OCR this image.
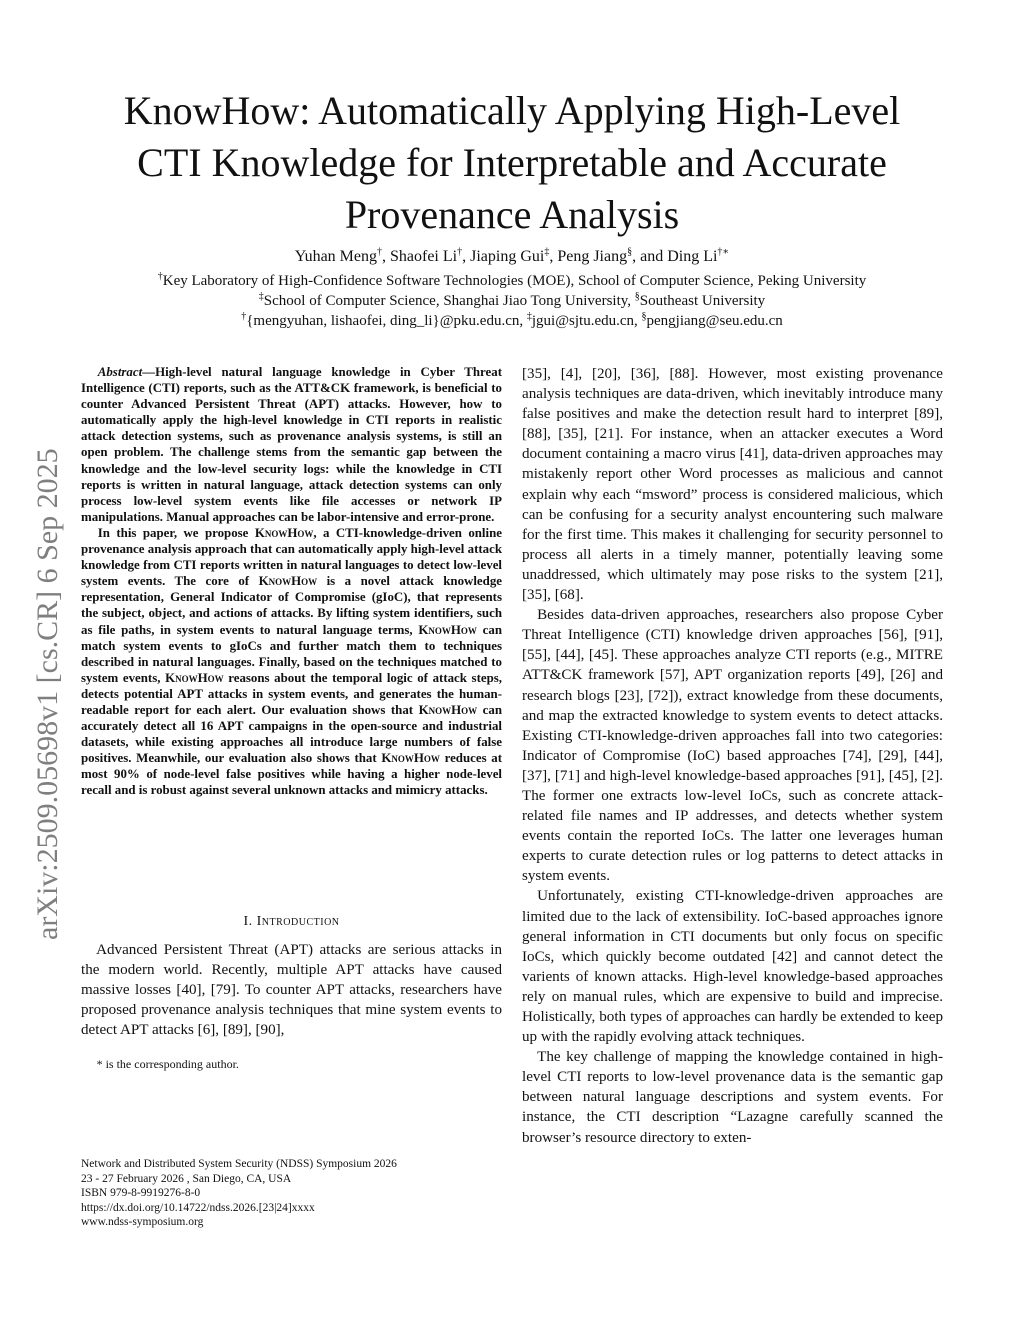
KnowHow: Automatically Applying High-Level
CTI Knowledge for Interpretable and Accurate
Provenance Analysis
Yuhan Meng†, Shaofei Li†, Jiaping Gui‡, Peng Jiang§, and Ding Li†∗
†Key Laboratory of High-Confidence Software Technologies (MOE), School of Computer Science, Peking University
‡School of Computer Science, Shanghai Jiao Tong University, §Southeast University
†{mengyuhan, lishaofei, ding_li}@pku.edu.cn, ‡jgui@sjtu.edu.cn, §pengjiang@seu.edu.cn
arXiv:2509.05698v1 [cs.CR] 6 Sep 2025

Abstract—High-level natural language knowledge in Cyber Threat Intelligence (CTI) reports, such as the ATT&CK framework, is beneficial to counter Advanced Persistent Threat (APT) attacks. However, how to automatically apply the high-level knowledge in CTI reports in realistic attack detection systems, such as provenance analysis systems, is still an open problem. The challenge stems from the semantic gap between the knowledge and the low-level security logs: while the knowledge in CTI reports is written in natural language, attack detection systems can only process low-level system events like file accesses or network IP manipulations. Manual approaches can be labor-intensive and error-prone.

In this paper, we propose KnowHow, a CTI-knowledge-driven online provenance analysis approach that can automatically apply high-level attack knowledge from CTI reports written in natural languages to detect low-level system events. The core of KnowHow is a novel attack knowledge representation, General Indicator of Compromise (gIoC), that represents the subject, object, and actions of attacks. By lifting system identifiers, such as file paths, in system events to natural language terms, KnowHow can match system events to gIoCs and further match them to techniques described in natural languages. Finally, based on the techniques matched to system events, KnowHow reasons about the temporal logic of attack steps, detects potential APT attacks in system events, and generates the human-readable report for each alert. Our evaluation shows that KnowHow can accurately detect all 16 APT campaigns in the open-source and industrial datasets, while existing approaches all introduce large numbers of false positives. Meanwhile, our evaluation also shows that KnowHow reduces at most 90% of node-level false positives while having a higher node-level recall and is robust against several unknown attacks and mimicry attacks.

I. Introduction

Advanced Persistent Threat (APT) attacks are serious attacks in the modern world. Recently, multiple APT attacks have caused massive losses [40], [79]. To counter APT attacks, researchers have proposed provenance analysis techniques that mine system events to detect APT attacks [6], [89], [90],

* is the corresponding author.
Network and Distributed System Security (NDSS) Symposium 2026
23 - 27 February 2026 , San Diego, CA, USA
ISBN 979-8-9919276-8-0
https://dx.doi.org/10.14722/ndss.2026.[23|24]xxxx
www.ndss-symposium.org

[35], [4], [20], [36], [88]. However, most existing provenance analysis techniques are data-driven, which inevitably introduce many false positives and make the detection result hard to interpret [89], [88], [35], [21]. For instance, when an attacker executes a Word document containing a macro virus [41], data-driven approaches may mistakenly report other Word processes as malicious and cannot explain why each “msword” process is considered malicious, which can be confusing for a security analyst encountering such malware for the first time. This makes it challenging for security personnel to process all alerts in a timely manner, potentially leaving some unaddressed, which ultimately may pose risks to the system [21], [35], [68].

Besides data-driven approaches, researchers also propose Cyber Threat Intelligence (CTI) knowledge driven approaches [56], [91], [55], [44], [45]. These approaches analyze CTI reports (e.g., MITRE ATT&CK framework [57], APT organization reports [49], [26] and research blogs [23], [72]), extract knowledge from these documents, and map the extracted knowledge to system events to detect attacks. Existing CTI-knowledge-driven approaches fall into two categories: Indicator of Compromise (IoC) based approaches [74], [29], [44], [37], [71] and high-level knowledge-based approaches [91], [45], [2]. The former one extracts low-level IoCs, such as concrete attack-related file names and IP addresses, and detects whether system events contain the reported IoCs. The latter one leverages human experts to curate detection rules or log patterns to detect attacks in system events.

Unfortunately, existing CTI-knowledge-driven approaches are limited due to the lack of extensibility. IoC-based approaches ignore general information in CTI documents but only focus on specific IoCs, which quickly become outdated [42] and cannot detect the varients of known attacks. High-level knowledge-based approaches rely on manual rules, which are expensive to build and imprecise. Holistically, both types of approaches can hardly be extended to keep up with the rapidly evolving attack techniques.

The key challenge of mapping the knowledge contained in high-level CTI reports to low-level provenance data is the semantic gap between natural language descriptions and system events. For instance, the CTI description “Lazagne carefully scanned the browser’s resource directory to exten-
